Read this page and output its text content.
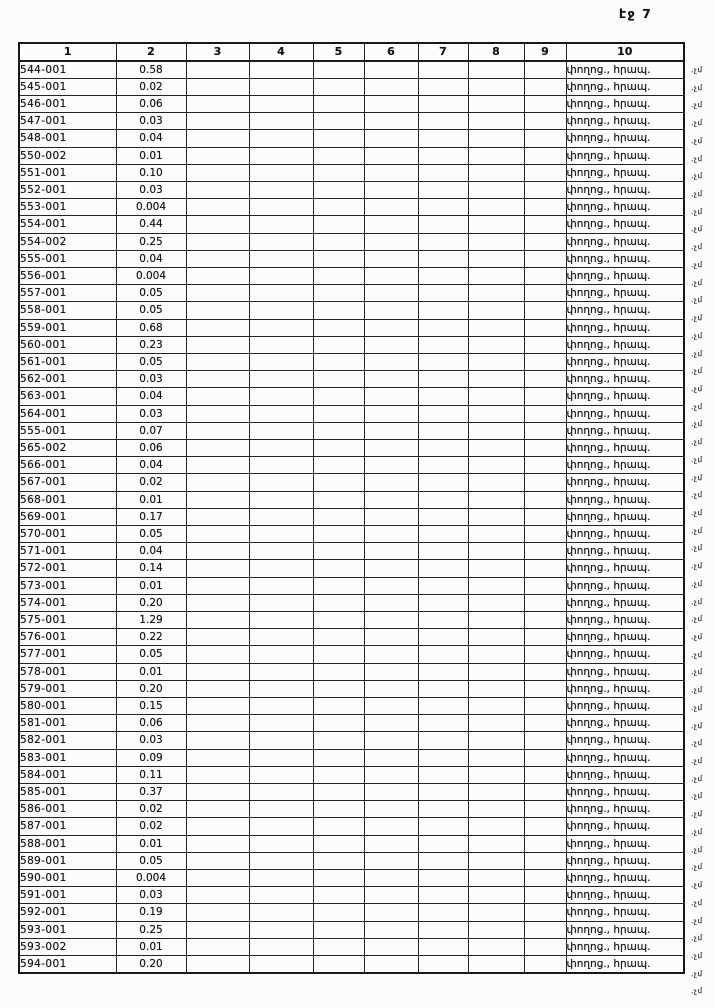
էջ 7
1	2	3	4	5	6	7	8	9	10
544-001	0.58								փողոց., հրապ.
545-001	0.02								փողոց., հրապ.
546-001	0.06								փողոց., հրապ.
547-001	0.03								փողոց., հրապ.
548-001	0.04								փողոց., հրապ.
550-002	0.01								փողոց., հրապ.
551-001	0.10								փողոց., հրապ.
552-001	0.03								փողոց., հրապ.
553-001	0.004								փողոց., հրապ.
554-001	0.44								փողոց., հրապ.
554-002	0.25								փողոց., հրապ.
555-001	0.04								փողոց., հրապ.
556-001	0.004								փողոց., հրապ.
557-001	0.05								փողոց., հրապ.
558-001	0.05								փողոց., հրապ.
559-001	0.68								փողոց., հրապ.
560-001	0.23								փողոց., հրապ.
561-001	0.05								փողոց., հրապ.
562-001	0.03								փողոց., հրապ.
563-001	0.04								փողոց., հրապ.
564-001	0.03								փողոց., հրապ.
555-001	0.07								փողոց., հրապ.
565-002	0.06								փողոց., հրապ.
566-001	0.04								փողոց., հրապ.
567-001	0.02								փողոց., հրապ.
568-001	0.01								փողոց., հրապ.
569-001	0.17								փողոց., հրապ.
570-001	0.05								փողոց., հրապ.
571-001	0.04								փողոց., հրապ.
572-001	0.14								փողոց., հրապ.
573-001	0.01								փողոց., հրապ.
574-001	0.20								փողոց., հրապ.
575-001	1.29								փողոց., հրապ.
576-001	0.22								փողոց., հրապ.
577-001	0.05								փողոց., հրապ.
578-001	0.01								փողոց., հրապ.
579-001	0.20								փողոց., հրապ.
580-001	0.15								փողոց., հրապ.
581-001	0.06								փողոց., հրապ.
582-001	0.03								փողոց., հրապ.
583-001	0.09								փողոց., հրապ.
584-001	0.11								փողոց., հրապ.
585-001	0.37								փողոց., հրապ.
586-001	0.02								փողոց., հրապ.
587-001	0.02								փողոց., հրապ.
588-001	0.01								փողոց., հրապ.
589-001	0.05								փողոց., հրապ.
590-001	0.004								փողոց., հրապ.
591-001	0.03								փողոց., հրապ.
592-001	0.19								փողոց., հրապ.
593-001	0.25								փողոց., հրապ.
593-002	0.01								փողոց., հրապ.
594-001	0.20								փողոց., հրապ.
.չմ
.չմ
.չմ
.չմ
.չմ
.չմ
.չմ
.չմ
.չմ
.չմ
.չմ
.չմ
.չմ
.չմ
.չմ
.չմ
.չմ
.չմ
.չմ
.չմ
.չմ
.չմ
.չմ
.չմ
.չմ
.չմ
.չմ
.չմ
.չմ
.չմ
.չմ
.չմ
.չմ
.չմ
.չմ
.չմ
.չմ
.չմ
.չմ
.չմ
.չմ
.չմ
.չմ
.չմ
.չմ
.չմ
.չմ
.չմ
.չմ
.չմ
.չմ
.չմ
.չմ
